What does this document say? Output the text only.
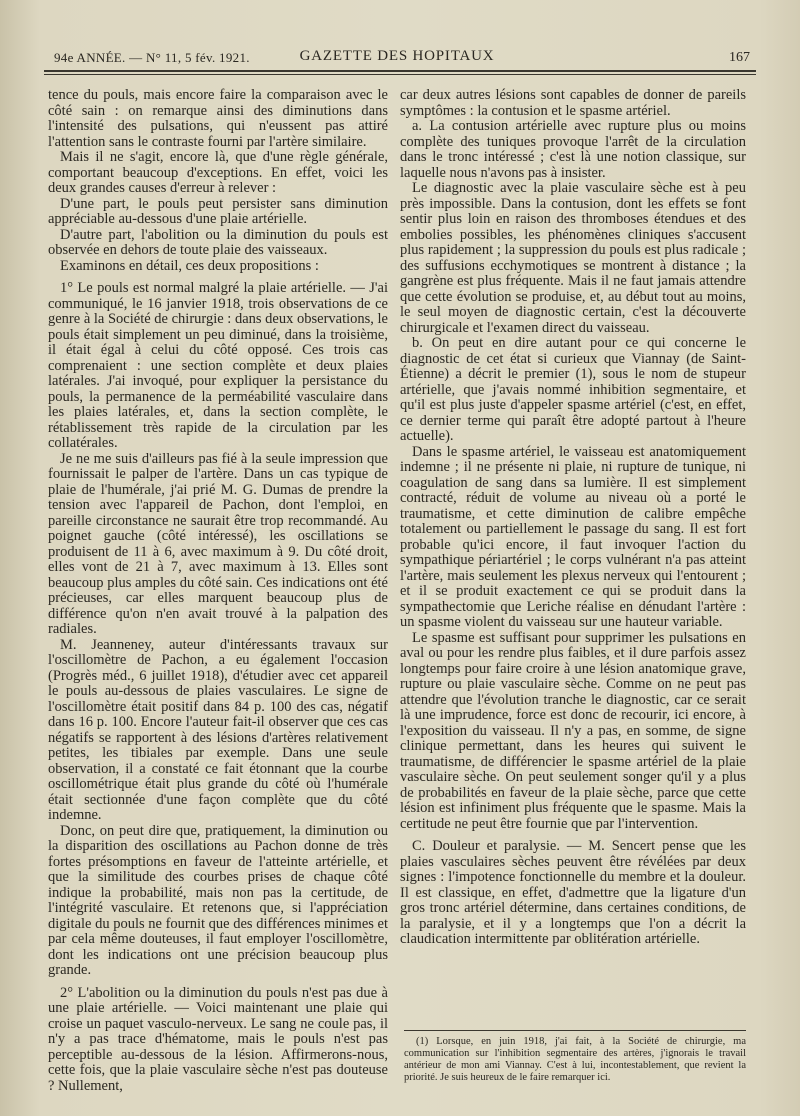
94e ANNÉE. — N° 11, 5 fév. 1921.	GAZETTE DES HOPITAUX	167

tence du pouls, mais encore faire la comparaison avec le côté sain : on remarque ainsi des diminutions dans l'intensité des pulsations, qui n'eussent pas attiré l'attention sans le contraste fourni par l'artère similaire.

Mais il ne s'agit, encore là, que d'une règle générale, comportant beaucoup d'exceptions. En effet, voici les deux grandes causes d'erreur à relever :

D'une part, le pouls peut persister sans diminution appréciable au-dessous d'une plaie artérielle.

D'autre part, l'abolition ou la diminution du pouls est observée en dehors de toute plaie des vaisseaux.

Examinons en détail, ces deux propositions :

1° Le pouls est normal malgré la plaie artérielle. — J'ai communiqué, le 16 janvier 1918, trois observations de ce genre à la Société de chirurgie : dans deux observations, le pouls était simplement un peu diminué, dans la troisième, il était égal à celui du côté opposé. Ces trois cas comprenaient : une section complète et deux plaies latérales. J'ai invoqué, pour expliquer la persistance du pouls, la permanence de la perméabilité vasculaire dans les plaies latérales, et, dans la section complète, le rétablissement très rapide de la circulation par les collatérales.

Je ne me suis d'ailleurs pas fié à la seule impression que fournissait le palper de l'artère. Dans un cas typique de plaie de l'humérale, j'ai prié M. G. Dumas de prendre la tension avec l'appareil de Pachon, dont l'emploi, en pareille circonstance ne saurait être trop recommandé. Au poignet gauche (côté intéressé), les oscillations se produisent de 11 à 6, avec maximum à 9. Du côté droit, elles vont de 21 à 7, avec maximum à 13. Elles sont beaucoup plus amples du côté sain. Ces indications ont été précieuses, car elles marquent beaucoup plus de différence qu'on n'en avait trouvé à la palpation des radiales.

M. Jeanneney, auteur d'intéressants travaux sur l'oscillomètre de Pachon, a eu également l'occasion (Progrès méd., 6 juillet 1918), d'étudier avec cet appareil le pouls au-dessous de plaies vasculaires. Le signe de l'oscillomètre était positif dans 84 p. 100 des cas, négatif dans 16 p. 100. Encore l'auteur fait-il observer que ces cas négatifs se rapportent à des lésions d'artères relativement petites, les tibiales par exemple. Dans une seule observation, il a constaté ce fait étonnant que la courbe oscillométrique était plus grande du côté où l'humérale était sectionnée d'une façon complète que du côté indemne.

Donc, on peut dire que, pratiquement, la diminution ou la disparition des oscillations au Pachon donne de très fortes présomptions en faveur de l'atteinte artérielle, et que la similitude des courbes prises de chaque côté indique la probabilité, mais non pas la certitude, de l'intégrité vasculaire. Et retenons que, si l'appréciation digitale du pouls ne fournit que des différences minimes et par cela même douteuses, il faut employer l'oscillomètre, dont les indications ont une précision beaucoup plus grande.

2° L'abolition ou la diminution du pouls n'est pas due à une plaie artérielle. — Voici maintenant une plaie qui croise un paquet vasculo-nerveux. Le sang ne coule pas, il n'y a pas trace d'hématome, mais le pouls n'est pas perceptible au-dessous de la lésion. Affirmerons-nous, cette fois, que la plaie vasculaire sèche n'est pas douteuse ? Nullement,

car deux autres lésions sont capables de donner de pareils symptômes : la contusion et le spasme artériel.

a. La contusion artérielle avec rupture plus ou moins complète des tuniques provoque l'arrêt de la circulation dans le tronc intéressé ; c'est là une notion classique, sur laquelle nous n'avons pas à insister.

Le diagnostic avec la plaie vasculaire sèche est à peu près impossible. Dans la contusion, dont les effets se font sentir plus loin en raison des thromboses étendues et des embolies possibles, les phénomènes cliniques s'accusent plus rapidement ; la suppression du pouls est plus radicale ; des suffusions ecchymotiques se montrent à distance ; la gangrène est plus fréquente. Mais il ne faut jamais attendre que cette évolution se produise, et, au début tout au moins, le seul moyen de diagnostic certain, c'est la découverte chirurgicale et l'examen direct du vaisseau.

b. On peut en dire autant pour ce qui concerne le diagnostic de cet état si curieux que Viannay (de Saint-Étienne) a décrit le premier (1), sous le nom de stupeur artérielle, que j'avais nommé inhibition segmentaire, et qu'il est plus juste d'appeler spasme artériel (c'est, en effet, ce dernier terme qui paraît être adopté partout à l'heure actuelle).

Dans le spasme artériel, le vaisseau est anatomiquement indemne ; il ne présente ni plaie, ni rupture de tunique, ni coagulation de sang dans sa lumière. Il est simplement contracté, réduit de volume au niveau où a porté le traumatisme, et cette diminution de calibre empêche totalement ou partiellement le passage du sang. Il est fort probable qu'ici encore, il faut invoquer l'action du sympathique périartériel ; le corps vulnérant n'a pas atteint l'artère, mais seulement les plexus nerveux qui l'entourent ; et il se produit exactement ce qui se produit dans la sympathectomie que Leriche réalise en dénudant l'artère : un spasme violent du vaisseau sur une hauteur variable.

Le spasme est suffisant pour supprimer les pulsations en aval ou pour les rendre plus faibles, et il dure parfois assez longtemps pour faire croire à une lésion anatomique grave, rupture ou plaie vasculaire sèche. Comme on ne peut pas attendre que l'évolution tranche le diagnostic, car ce serait là une imprudence, force est donc de recourir, ici encore, à l'exposition du vaisseau. Il n'y a pas, en somme, de signe clinique permettant, dans les heures qui suivent le traumatisme, de différencier le spasme artériel de la plaie vasculaire sèche. On peut seulement songer qu'il y a plus de probabilités en faveur de la plaie sèche, parce que cette lésion est infiniment plus fréquente que le spasme. Mais la certitude ne peut être fournie que par l'intervention.

C. Douleur et paralysie. — M. Sencert pense que les plaies vasculaires sèches peuvent être révélées par deux signes : l'impotence fonctionnelle du membre et la douleur. Il est classique, en effet, d'admettre que la ligature d'un gros tronc artériel détermine, dans certaines conditions, de la paralysie, et il y a longtemps que l'on a décrit la claudication intermittente par oblitération artérielle.

(1) Lorsque, en juin 1918, j'ai fait, à la Société de chirurgie, ma communication sur l'inhibition segmentaire des artères, j'ignorais le travail antérieur de mon ami Viannay. C'est à lui, incontestablement, que revient la priorité. Je suis heureux de le faire remarquer ici.
